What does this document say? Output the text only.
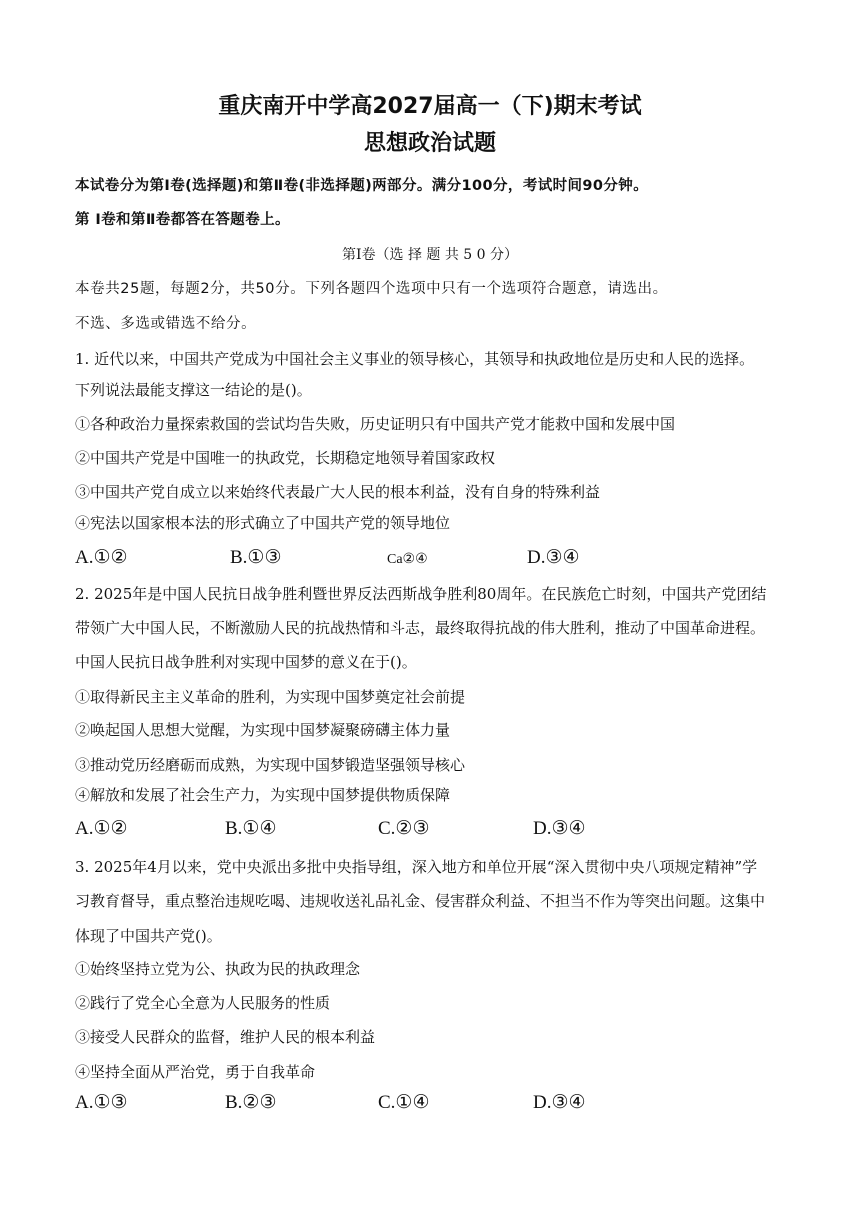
重庆南开中学高2027届高一（下)期末考试
思想政治试题
本试卷分为第Ⅰ卷(选择题)和第Ⅱ卷(非选择题)两部分。满分100分，考试时间90分钟。
第 Ⅰ卷和第Ⅱ卷都答在答题卷上。
第Ⅰ卷（选 择 题 共 5 0 分）
本卷共25题，每题2分，共50分。下列各题四个选项中只有一个选项符合题意，请选出。
不选、多选或错选不给分。
1. 近代以来，中国共产党成为中国社会主义事业的领导核心，其领导和执政地位是历史和人民的选择。
下列说法最能支撑这一结论的是()。
①各种政治力量探索救国的尝试均告失败，历史证明只有中国共产党才能救中国和发展中国
②中国共产党是中国唯一的执政党，长期稳定地领导着国家政权
③中国共产党自成立以来始终代表最广大人民的根本利益，没有自身的特殊利益
④宪法以国家根本法的形式确立了中国共产党的领导地位
A.①②	B.①③	Ca②④	D.③④
2. 2025年是中国人民抗日战争胜利暨世界反法西斯战争胜利80周年。在民族危亡时刻，中国共产党团结
带领广大中国人民，不断激励人民的抗战热情和斗志，最终取得抗战的伟大胜利，推动了中国革命进程。
中国人民抗日战争胜利对实现中国梦的意义在于()。
①取得新民主主义革命的胜利，为实现中国梦奠定社会前提
②唤起国人思想大觉醒，为实现中国梦凝聚磅礴主体力量
③推动党历经磨砺而成熟，为实现中国梦锻造坚强领导核心
④解放和发展了社会生产力，为实现中国梦提供物质保障
A.①②	B.①④	C.②③	D.③④
3. 2025年4月以来，党中央派出多批中央指导组，深入地方和单位开展“深入贯彻中央八项规定精神”学
习教育督导，重点整治违规吃喝、违规收送礼品礼金、侵害群众利益、不担当不作为等突出问题。这集中
体现了中国共产党()。
①始终坚持立党为公、执政为民的执政理念
②践行了党全心全意为人民服务的性质
③接受人民群众的监督，维护人民的根本利益
④坚持全面从严治党，勇于自我革命
A.①③	B.②③	C.①④	D.③④
